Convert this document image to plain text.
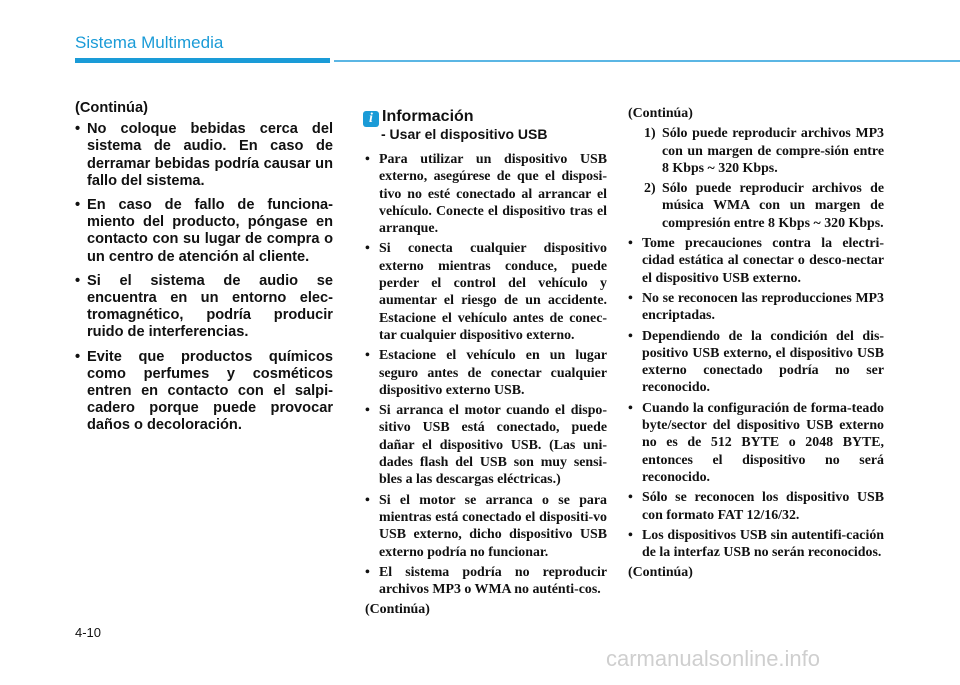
Sistema Multimedia
(Continúa)
• No coloque bebidas cerca del sistema de audio. En caso de derramar bebidas podría causar un fallo del sistema.
• En caso de fallo de funciona-miento del producto, póngase en contacto con su lugar de compra o un centro de atención al cliente.
• Si el sistema de audio se encuentra en un entorno elec-tromagnético, podría producir ruido de interferencias.
• Evite que productos químicos como perfumes y cosméticos entren en contacto con el salpi-cadero porque puede provocar daños o decoloración.
i Información
- Usar el dispositivo USB
• Para utilizar un dispositivo USB externo, asegúrese de que el disposi-tivo no esté conectado al arrancar el vehículo. Conecte el dispositivo tras el arranque.
• Si conecta cualquier dispositivo externo mientras conduce, puede perder el control del vehículo y aumentar el riesgo de un accidente. Estacione el vehículo antes de conec-tar cualquier dispositivo externo.
• Estacione el vehículo en un lugar seguro antes de conectar cualquier dispositivo externo USB.
• Si arranca el motor cuando el dispo-sitivo USB está conectado, puede dañar el dispositivo USB. (Las uni-dades flash del USB son muy sensi-bles a las descargas eléctricas.)
• Si el motor se arranca o se para mientras está conectado el dispositi-vo USB externo, dicho dispositivo USB externo podría no funcionar.
• El sistema podría no reproducir archivos MP3 o WMA no auténti-cos.
(Continúa)
(Continúa)
1) Sólo puede reproducir archivos MP3 con un margen de compre-sión entre 8 Kbps ~ 320 Kbps.
2) Sólo puede reproducir archivos de música WMA con un margen de compresión entre 8 Kbps ~ 320 Kbps.
• Tome precauciones contra la electri-cidad estática al conectar o desco-nectar el dispositivo USB externo.
• No se reconocen las reproducciones MP3 encriptadas.
• Dependiendo de la condición del dis-positivo USB externo, el dispositivo USB externo conectado podría no ser reconocido.
• Cuando la configuración de forma-teado byte/sector del dispositivo USB externo no es de 512 BYTE o 2048 BYTE, entonces el dispositivo no será reconocido.
• Sólo se reconocen los dispositivo USB con formato FAT 12/16/32.
• Los dispositivos USB sin autentifi-cación de la interfaz USB no serán reconocidos.
(Continúa)
4-10
carmanualsonline.info
